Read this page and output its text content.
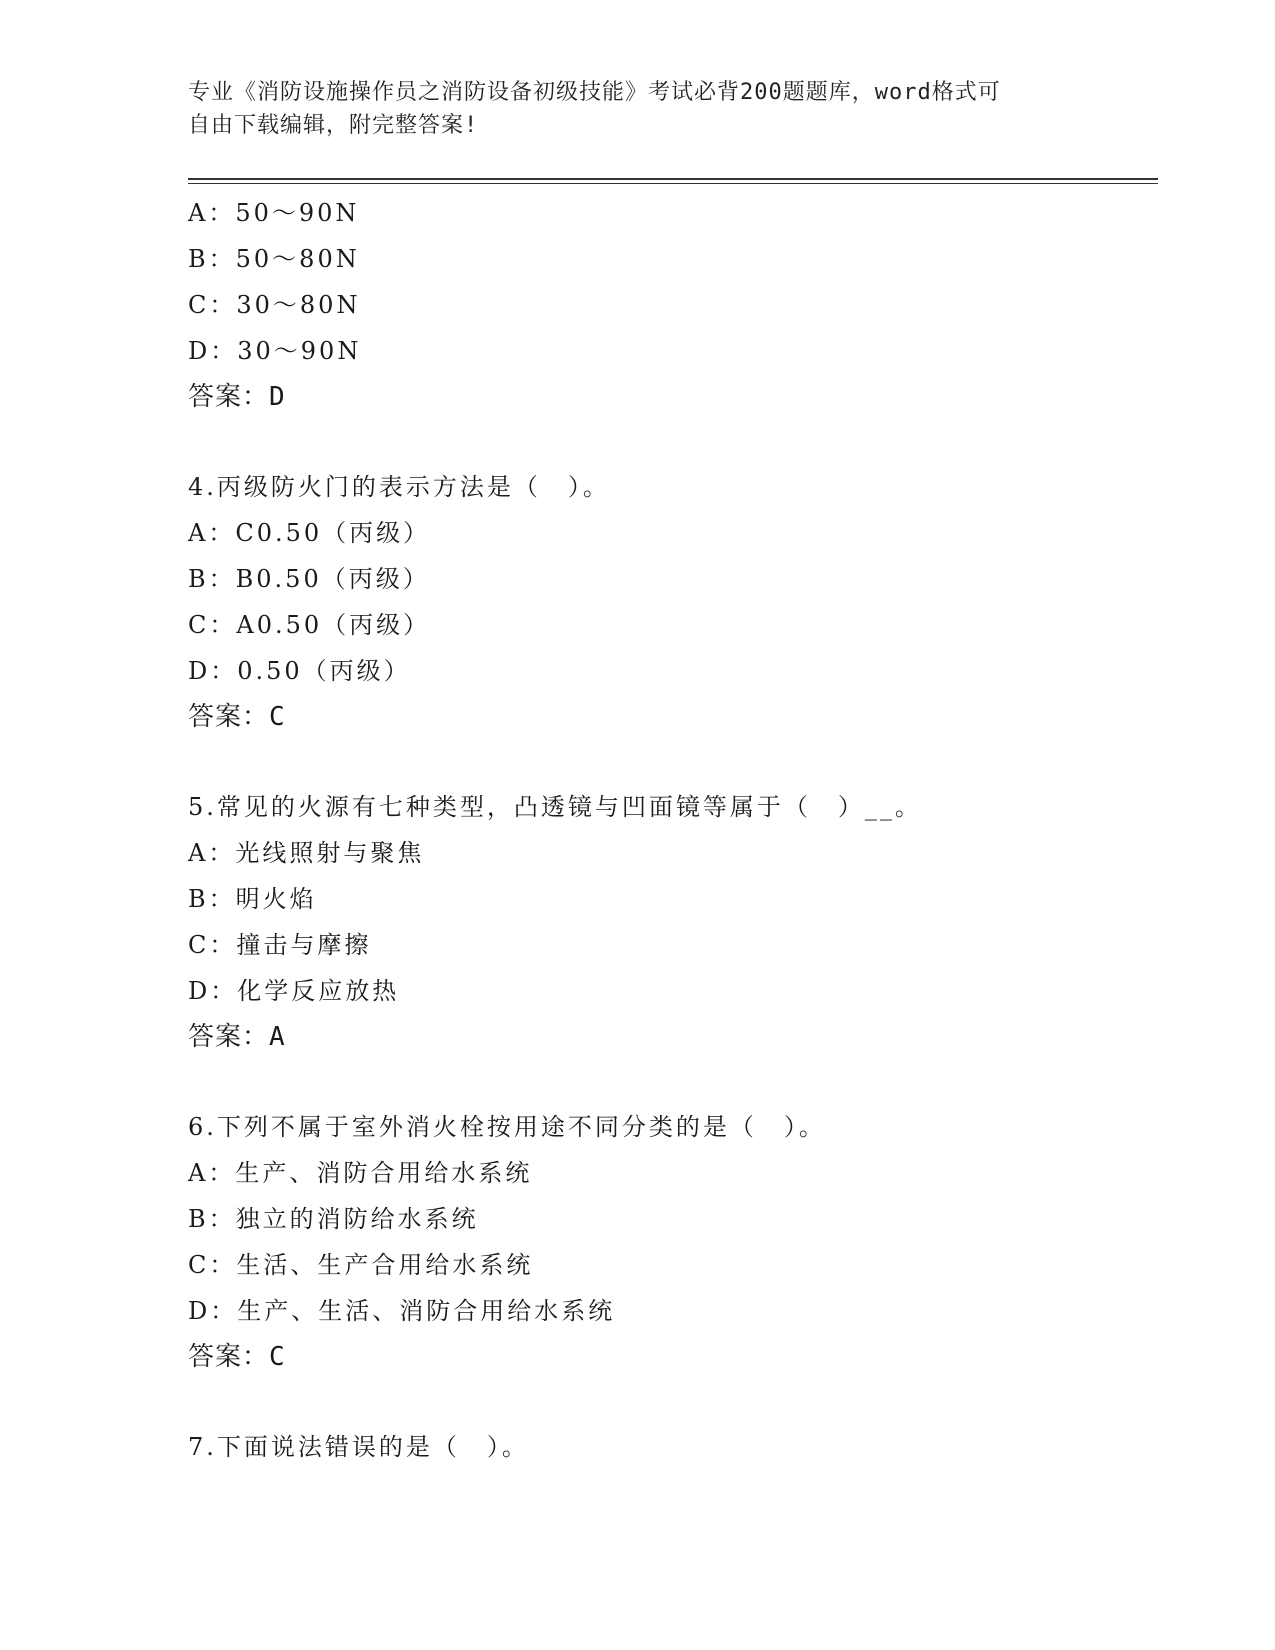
专业《消防设施操作员之消防设备初级技能》考试必背200题题库，word格式可
自由下载编辑，附完整答案!
A：50～90N
B：50～80N
C：30～80N
D：30～90N
答案：D
4.丙级防火门的表示方法是（　）。
A：C0.50（丙级）
B：B0.50（丙级）
C：A0.50（丙级）
D：0.50（丙级）
答案：C
5.常见的火源有七种类型，凸透镜与凹面镜等属于（　）__。
A：光线照射与聚焦
B：明火焰
C：撞击与摩擦
D：化学反应放热
答案：A
6.下列不属于室外消火栓按用途不同分类的是（　）。
A：生产、消防合用给水系统
B：独立的消防给水系统
C：生活、生产合用给水系统
D：生产、生活、消防合用给水系统
答案：C
7.下面说法错误的是（　）。
